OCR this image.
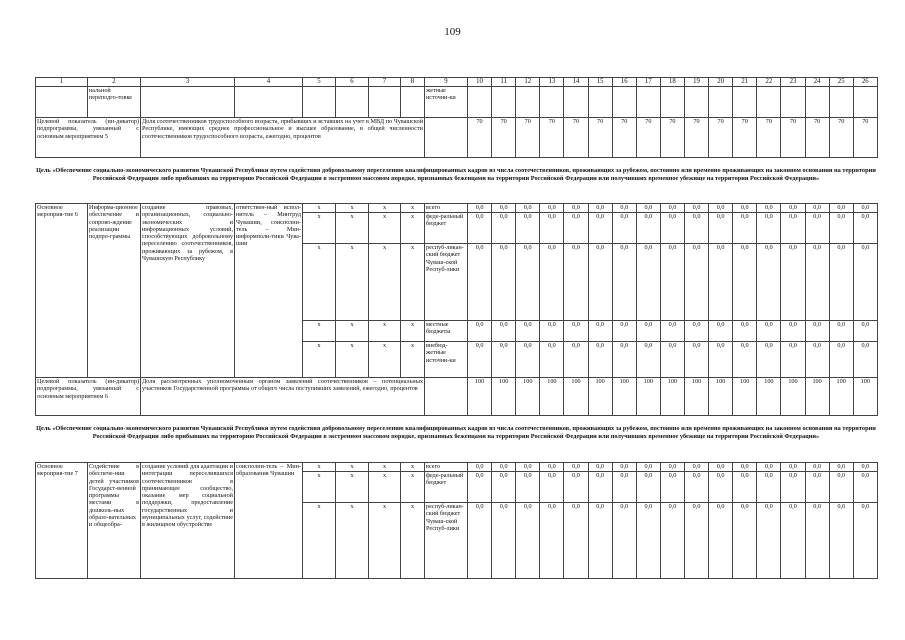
109
1	2	3	4	5	6	7	8	9	10	11	12	13	14	15	16	17	18	19	20	21	22	23	24	25	26
	нальной переподго-товке							жетные источни-ки																	
Целевой показатель (ин-дикатор) подпрограммы, увязанный с основным мероприятием 5		Доля соотечественников трудоспособного возраста, прибывших и вставших на учет в МВД по Чувашской Республике, имеющих среднее профессиональное и высшее образование, в общей численности соотечественников трудоспособного возраста, ежегодно, процентов							70	70	70	70	70	70	70	70	70	70	70	70	70	70	70	70	70
Цель «Обеспечение социально-экономического развития Чувашской Республики путем содействия добровольному переселению квалифицированных кадров из числа соотечественников, проживающих за рубежом, постоянно или временно проживающих на законном основании на территории Российской Федерации либо прибывших на территорию Российской Федерации в экстренном массовом порядке, признанных беженцами на территории Российской Федерации или получивших временное убежище на территории Российской Федерации»
Основное мероприя-тие 6	Информа-ционное обеспечение и сопрово-ждение реализации подпро-граммы	создание правовых, организационных, социально-экономических и информационных условий, способствующих добровольному переселению соотечественников, проживающих за рубежом, в Чувашскую Республику	ответствен-ный испол-нитель – Минтруд Чувашии, соисполни-тель – Мин-информполи-тики Чува-шии	x	x	x	x	всего	0,0	0,0	0,0	0,0	0,0	0,0	0,0	0,0	0,0	0,0	0,0	0,0	0,0	0,0	0,0	0,0	0,0
				x	x	x	x	феде-ральный бюджет	0,0	0,0	0,0	0,0	0,0	0,0	0,0	0,0	0,0	0,0	0,0	0,0	0,0	0,0	0,0	0,0	0,0
				x	x	x	x	респуб-ликан-ский бюджет Чуваш-ской Респуб-лики	0,0	0,0	0,0	0,0	0,0	0,0	0,0	0,0	0,0	0,0	0,0	0,0	0,0	0,0	0,0	0,0	0,0
				x	x	x	x	местные бюджеты	0,0	0,0	0,0	0,0	0,0	0,0	0,0	0,0	0,0	0,0	0,0	0,0	0,0	0,0	0,0	0,0	0,0
				x	x	x	x	внебюд-жетные источни-ки	0,0	0,0	0,0	0,0	0,0	0,0	0,0	0,0	0,0	0,0	0,0	0,0	0,0	0,0	0,0	0,0	0,0
Целевой показатель (ин-дикатор) подпрограммы, увязанный с основным мероприятием 6		Доля рассмотренных уполномоченным органом заявлений соотечественников – потенциальных участников Государственной программы от общего числа поступивших заявлений, ежегодно, процентов							100	100	100	100	100	100	100	100	100	100	100	100	100	100	100	100	100
Цель «Обеспечение социально-экономического развития Чувашской Республики путем содействия добровольному переселению квалифицированных кадров из числа соотечественников, проживающих за рубежом, постоянно или временно проживающих на законном основании на территории Российской Федерации либо прибывших на территорию Российской Федерации в экстренном массовом порядке, признанных беженцами на территории Российской Федерации или получивших временное убежище на территории Российской Федерации»
Основное мероприя-тие 7	Содействие в обеспече-нии детей участников Государст-венной программы местами в дошколь-ных образо-вательных и общеобра-	создание условий для адаптации и интеграции переселившихся соотечественников в принимающее сообщество, оказание мер социальной поддержки, предоставление государственных и муниципальных услуг, содействие в жилищном обустройстве	соисполни-тель – Мин-образования Чувашии	x	x	x	x	всего	0,0	0,0	0,0	0,0	0,0	0,0	0,0	0,0	0,0	0,0	0,0	0,0	0,0	0,0	0,0	0,0	0,0
				x	x	x	x	феде-ральный бюджет	0,0	0,0	0,0	0,0	0,0	0,0	0,0	0,0	0,0	0,0	0,0	0,0	0,0	0,0	0,0	0,0	0,0
				x	x	x	x	респуб-ликан-ский бюджет Чуваш-ской Респуб-лики	0,0	0,0	0,0	0,0	0,0	0,0	0,0	0,0	0,0	0,0	0,0	0,0	0,0	0,0	0,0	0,0	0,0
